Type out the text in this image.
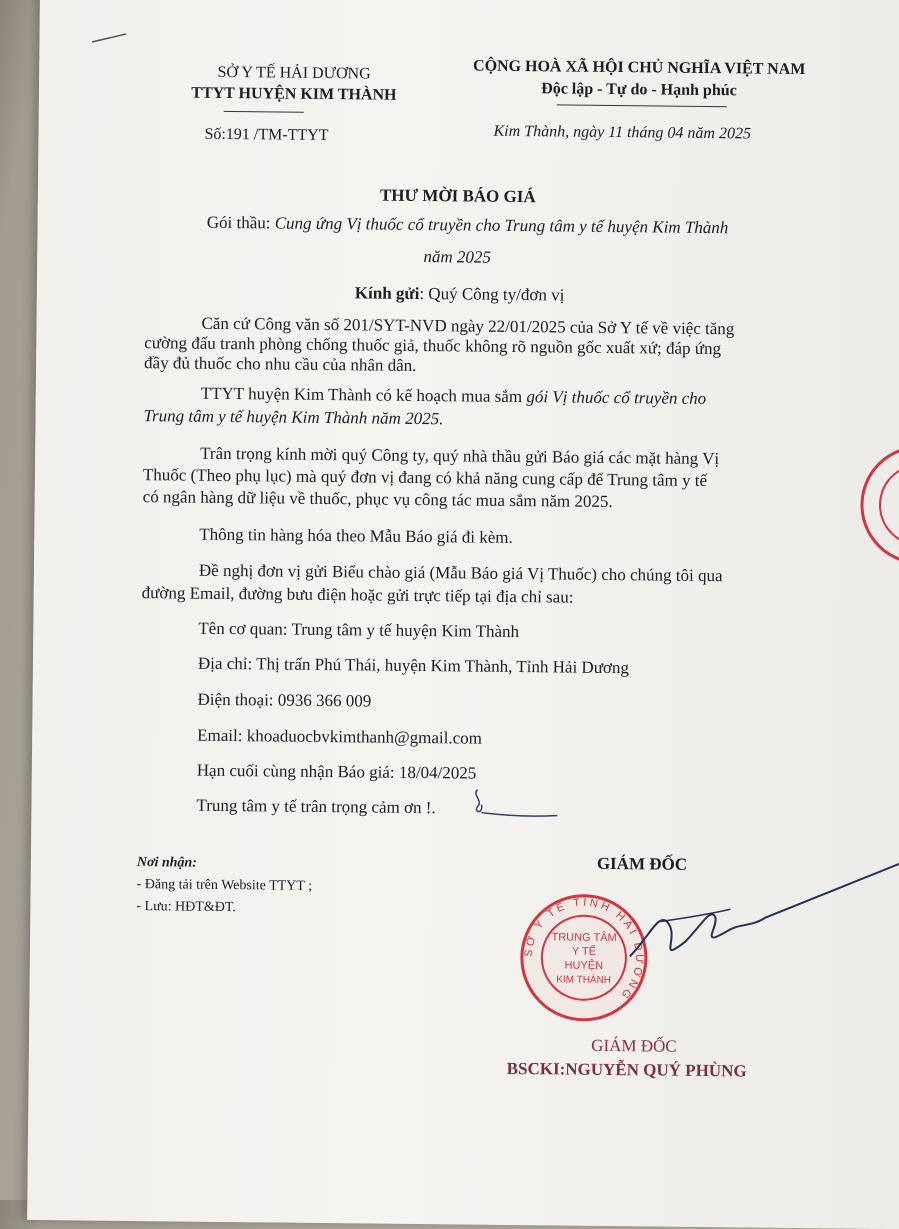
SỞ Y TẾ HẢI DƯƠNG
TTYT HUYỆN KIM THÀNH
Số:191 /TM-TTYT
CỘNG HOÀ XÃ HỘI CHỦ NGHĨA VIỆT NAM
Độc lập - Tự do - Hạnh phúc
Kim Thành, ngày 11 tháng 04 năm 2025
THƯ MỜI BÁO GIÁ
Gói thầu: Cung ứng Vị thuốc cổ truyền cho Trung tâm y tế huyện Kim Thành
năm 2025
Kính gửi: Quý Công ty/đơn vị
Căn cứ Công văn số 201/SYT-NVD ngày 22/01/2025 của Sở Y tế về việc tăng
cường đấu tranh phòng chống thuốc giả, thuốc không rõ nguồn gốc xuất xứ; đáp ứng
đầy đủ thuốc cho nhu cầu của nhân dân.
TTYT huyện Kim Thành có kế hoạch mua sắm gói Vị thuốc cổ truyền cho
Trung tâm y tế huyện Kim Thành năm 2025.
Trân trọng kính mời quý Công ty, quý nhà thầu gửi Báo giá các mặt hàng Vị
Thuốc (Theo phụ lục) mà quý đơn vị đang có khả năng cung cấp để Trung tâm y tế
có ngân hàng dữ liệu về thuốc, phục vụ công tác mua sắm năm 2025.
Thông tin hàng hóa theo Mẫu Báo giá đi kèm.
Đề nghị đơn vị gửi Biểu chào giá (Mẫu Báo giá Vị Thuốc) cho chúng tôi qua
đường Email, đường bưu điện hoặc gửi trực tiếp tại địa chỉ sau:
Tên cơ quan: Trung tâm y tế huyện Kim Thành
Địa chỉ: Thị trấn Phú Thái, huyện Kim Thành, Tỉnh Hải Dương
Điện thoại: 0936 366 009
Email: khoaduocbvkimthanh@gmail.com
Hạn cuối cùng nhận Báo giá: 18/04/2025
Trung tâm y tế trân trọng cảm ơn !.
Nơi nhận:
- Đăng tải trên Website TTYT ;
- Lưu: HĐT&ĐT.
GIÁM ĐỐC
SỞ Y TẾ TỈNH HẢI DƯƠNG
TRUNG TÂM
Y TẾ
HUYỆN
KIM THÀNH
GIÁM ĐỐC
BSCKI:NGUYỄN QUÝ PHÙNG
